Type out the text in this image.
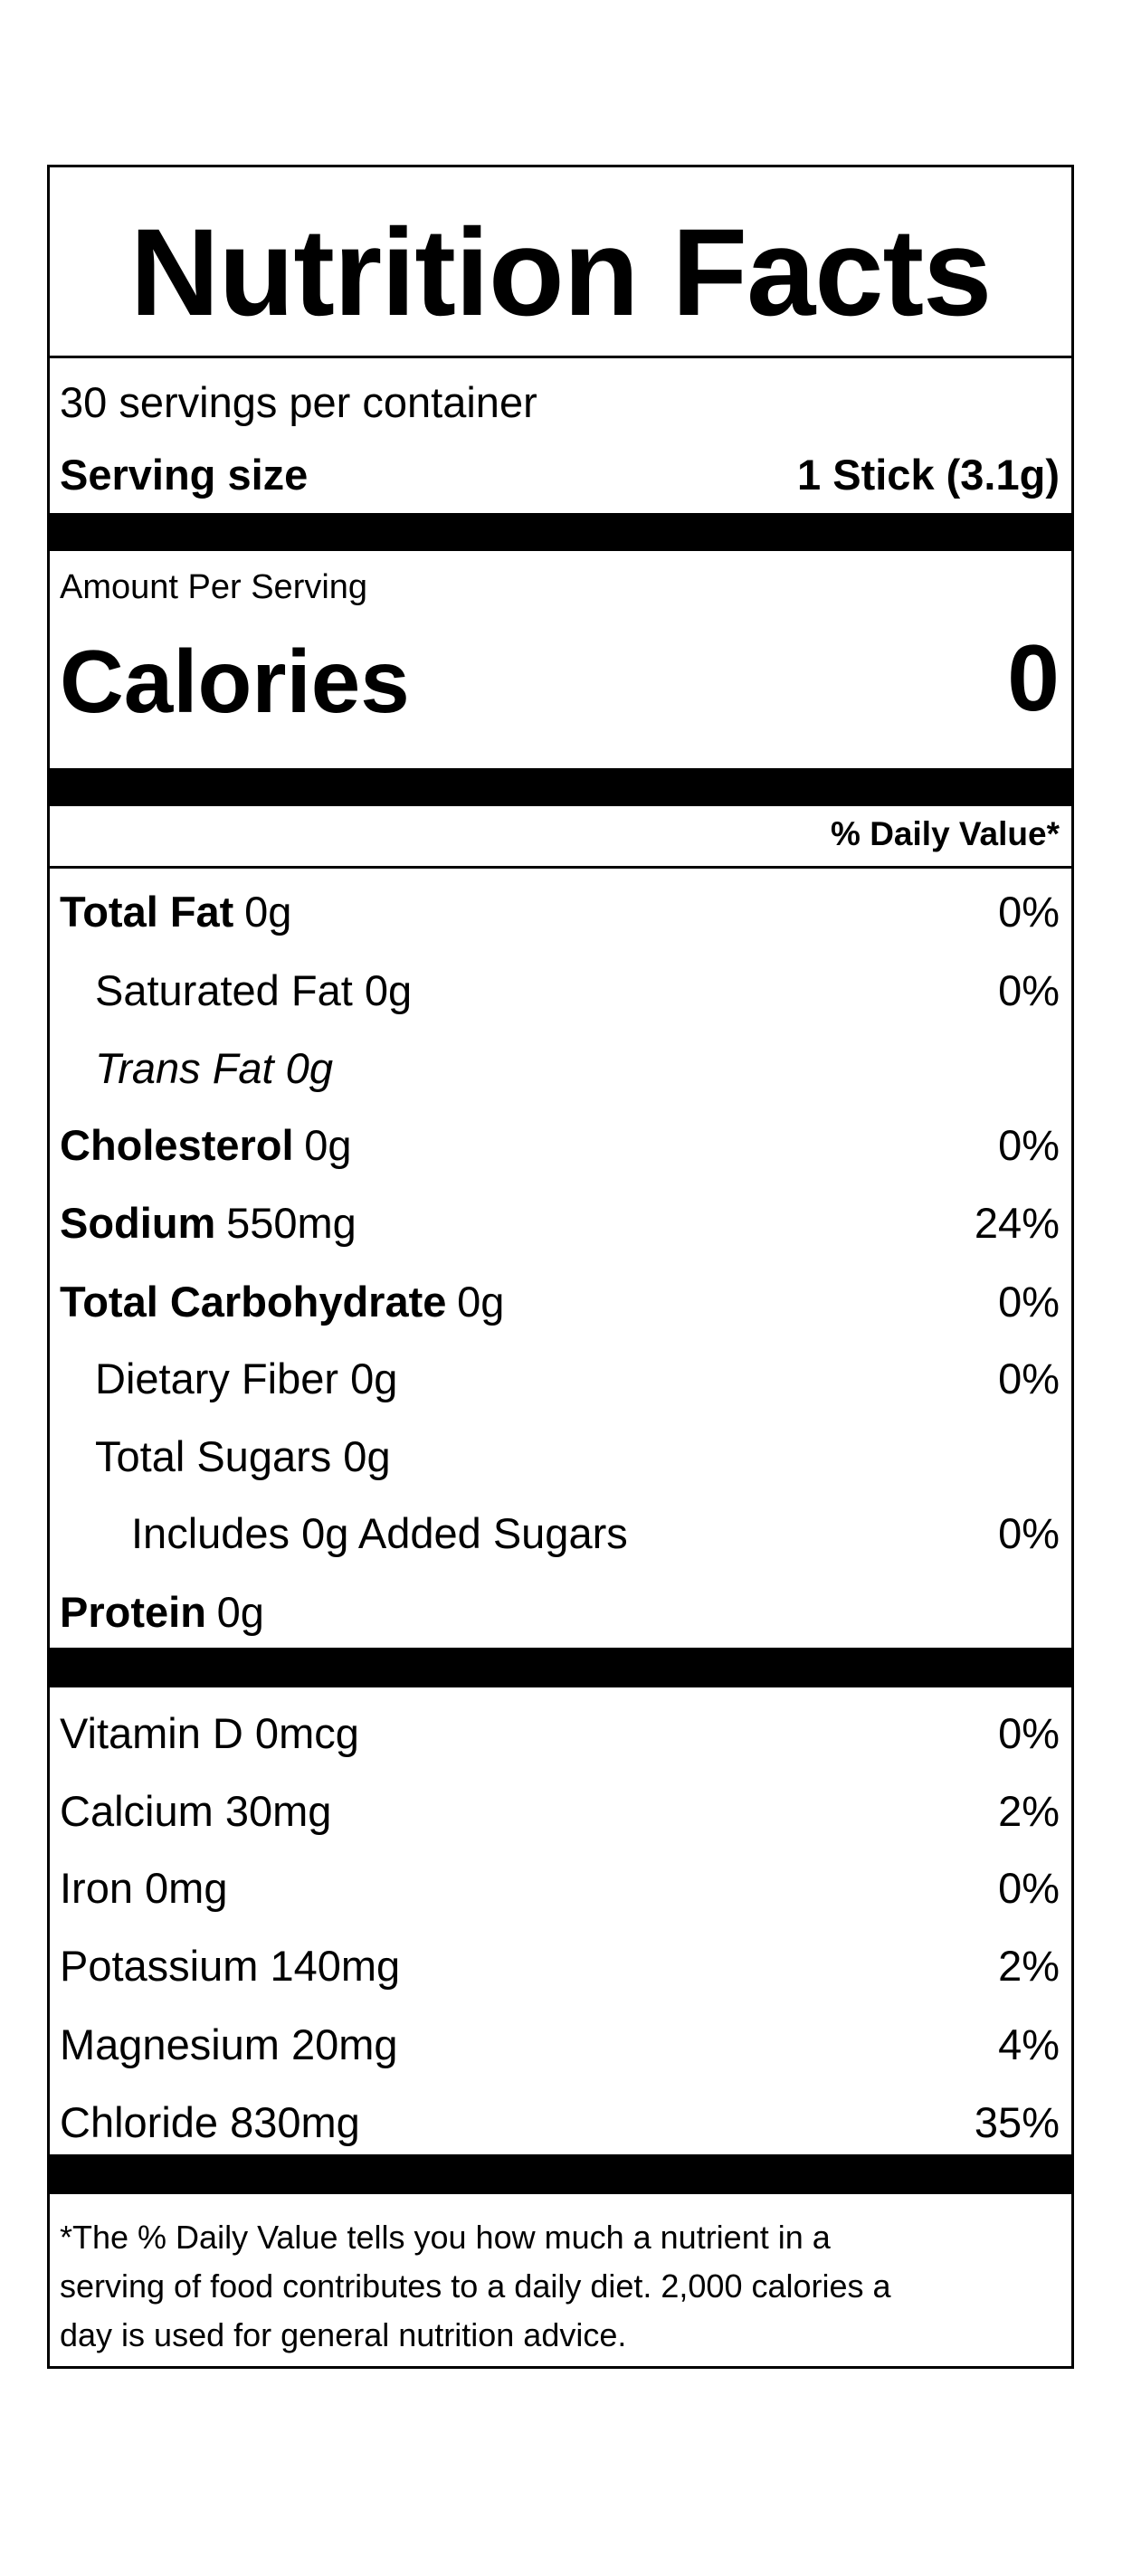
Nutrition Facts
30 servings per container
Serving size	1 Stick (3.1g)
Amount Per Serving
Calories	0
% Daily Value*
Total Fat 0g	0%
Saturated Fat 0g	0%
Trans Fat 0g
Cholesterol 0g	0%
Sodium 550mg	24%
Total Carbohydrate 0g	0%
Dietary Fiber 0g	0%
Total Sugars 0g
Includes 0g Added Sugars	0%
Protein 0g
Vitamin D 0mcg	0%
Calcium 30mg	2%
Iron 0mg	0%
Potassium 140mg	2%
Magnesium 20mg	4%
Chloride 830mg	35%
*The % Daily Value tells you how much a nutrient in a
serving of food contributes to a daily diet. 2,000 calories a
day is used for general nutrition advice.
